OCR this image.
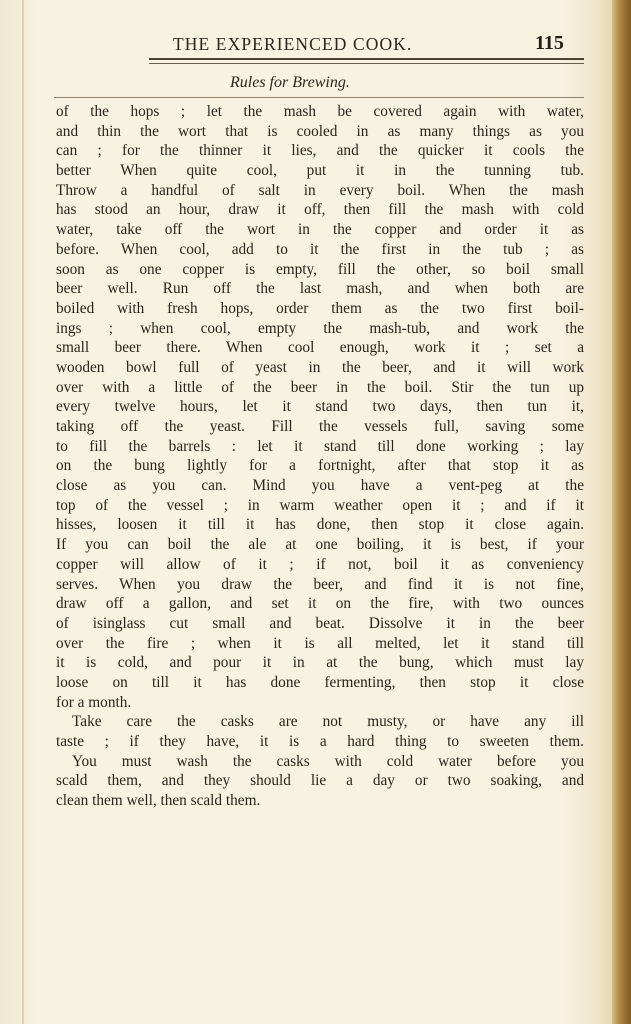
THE EXPERIENCED COOK.	115
Rules for Brewing.
of the hops ; let the mash be covered again with water,
and thin the wort that is cooled in as many things as you
can ; for the thinner it lies, and the quicker it cools the
better When quite cool, put it in the tunning tub.
Throw a handful of salt in every boil. When the mash
has stood an hour, draw it off, then fill the mash with cold
water, take off the wort in the copper and order it as
before. When cool, add to it the first in the tub ; as
soon as one copper is empty, fill the other, so boil small
beer well. Run off the last mash, and when both are
boiled with fresh hops, order them as the two first boil-
ings ; when cool, empty the mash-tub, and work the
small beer there. When cool enough, work it ; set a
wooden bowl full of yeast in the beer, and it will work
over with a little of the beer in the boil. Stir the tun up
every twelve hours, let it stand two days, then tun it,
taking off the yeast. Fill the vessels full, saving some
to fill the barrels : let it stand till done working ; lay
on the bung lightly for a fortnight, after that stop it as
close as you can. Mind you have a vent-peg at the
top of the vessel ; in warm weather open it ; and if it
hisses, loosen it till it has done, then stop it close again.
If you can boil the ale at one boiling, it is best, if your
copper will allow of it ; if not, boil it as conveniency
serves. When you draw the beer, and find it is not fine,
draw off a gallon, and set it on the fire, with two ounces
of isinglass cut small and beat. Dissolve it in the beer
over the fire ; when it is all melted, let it stand till
it is cold, and pour it in at the bung, which must lay
loose on till it has done fermenting, then stop it close
for a month.
Take care the casks are not musty, or have any ill
taste ; if they have, it is a hard thing to sweeten them.
You must wash the casks with cold water before you
scald them, and they should lie a day or two soaking, and
clean them well, then scald them.
